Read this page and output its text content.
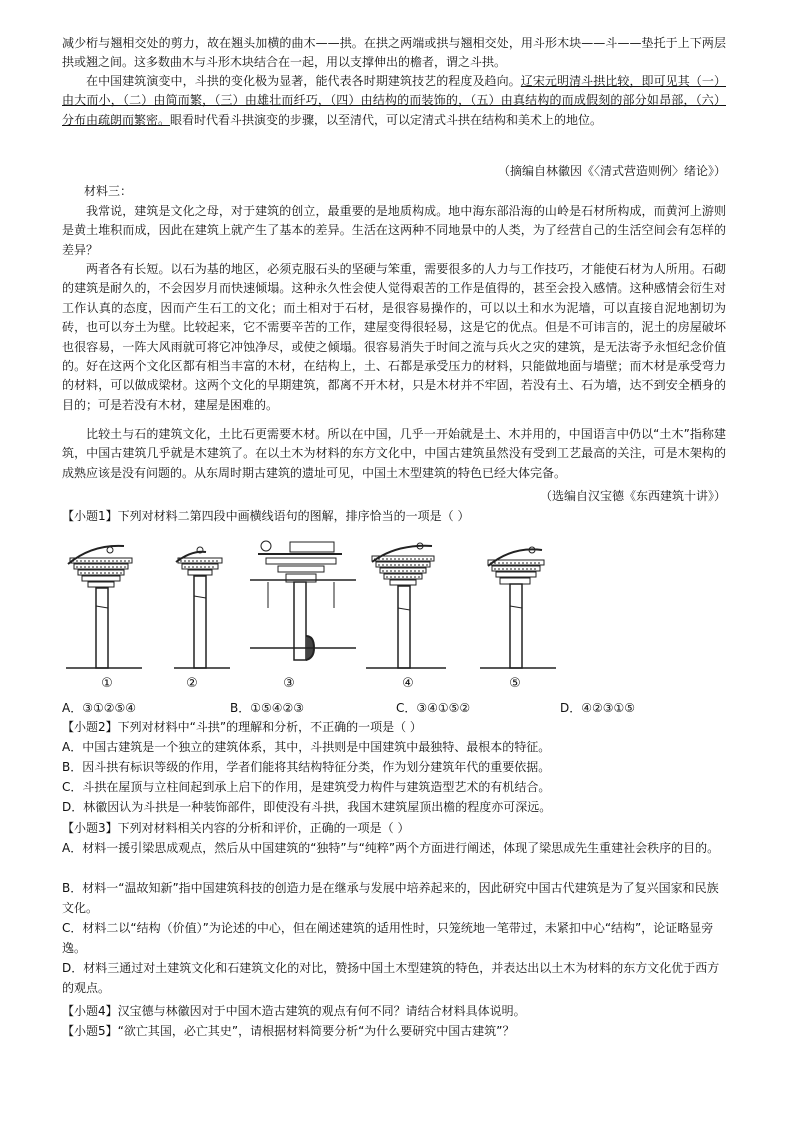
减少桁与翘相交处的剪力，故在翘头加横的曲木——拱。在拱之两端或拱与翘相交处，用斗形木块——斗——垫托于上下两层拱或翘之间。这多数曲木与斗形木块结合在一起，用以支撑伸出的檐者，谓之斗拱。
在中国建筑演变中，斗拱的变化极为显著，能代表各时期建筑技艺的程度及趋向。辽宋元明清斗拱比较，即可见其（一）由大而小，（二）由简而繁，（三）由雄壮而纤巧，（四）由结构的而装饰的，（五）由真结构的而成假刻的部分如昂部，（六）分布由疏朗而繁密。眼看时代看斗拱演变的步骤，以至清代，可以定清式斗拱在结构和美术上的地位。
（摘编自林徽因《〈清式营造则例〉绪论》）
材料三：
我常说，建筑是文化之母，对于建筑的创立，最重要的是地质构成。地中海东部沿海的山岭是石材所构成，而黄河上游则是黄土堆积而成，因此在建筑上就产生了基本的差异。生活在这两种不同地景中的人类，为了经营自己的生活空间会有怎样的差异？
两者各有长短。以石为基的地区，必须克服石头的坚硬与笨重，需要很多的人力与工作技巧，才能使石材为人所用。石砌的建筑是耐久的，不会因岁月而快速倾塌。这种永久性会使人觉得艰苦的工作是值得的，甚至会投入感情。这种感情会衍生对工作认真的态度，因而产生石工的文化；而土相对于石材，是很容易操作的，可以以土和水为泥墙，可以直接自泥地割切为砖，也可以夯土为壁。比较起来，它不需要辛苦的工作，建屋变得很轻易，这是它的优点。但是不可讳言的，泥土的房屋破坏也很容易，一阵大风雨就可将它冲蚀净尽，或使之倾塌。很容易消失于时间之流与兵火之灾的建筑，是无法寄予永恒纪念价值的。好在这两个文化区都有相当丰富的木材，在结构上，土、石都是承受压力的材料，只能做地面与墙壁；而木材是承受弯力的材料，可以做成梁材。这两个文化的早期建筑，都离不开木材，只是木材并不牢固，若没有土、石为墙，达不到安全栖身的目的；可是若没有木材，建屋是困难的。
比较土与石的建筑文化，土比石更需要木材。所以在中国，几乎一开始就是土、木并用的，中国语言中仍以“土木”指称建筑，中国古建筑几乎就是木建筑了。在以土木为材料的东方文化中，中国古建筑虽然没有受到工艺最高的关注，可是木架构的成熟应该是没有问题的。从东周时期古建筑的遗址可见，中国土木型建筑的特色已经大体完备。
（选编自汉宝德《东西建筑十讲》）
【小题1】下列对材料二第四段中画横线语句的图解，排序恰当的一项是（ ）
①	②	③	④	⑤
A．③①②⑤④	B．①⑤④②③	C．③④①⑤②	D．④②③①⑤
【小题2】下列对材料中“斗拱”的理解和分析，不正确的一项是（ ）
A．中国古建筑是一个独立的建筑体系，其中，斗拱则是中国建筑中最独特、最根本的特征。
B．因斗拱有标识等级的作用，学者们能将其结构特征分类，作为划分建筑年代的重要依据。
C．斗拱在屋顶与立柱间起到承上启下的作用，是建筑受力构件与建筑造型艺术的有机结合。
D．林徽因认为斗拱是一种装饰部件，即使没有斗拱，我国木建筑屋顶出檐的程度亦可深远。
【小题3】下列对材料相关内容的分析和评价，正确的一项是（ ）
A．材料一援引梁思成观点，然后从中国建筑的“独特”与“纯粹”两个方面进行阐述，体现了梁思成先生重建社会秩序的目的。
B．材料一“温故知新”指中国建筑科技的创造力是在继承与发展中培养起来的，因此研究中国古代建筑是为了复兴国家和民族文化。
C．材料二以“结构（价值）”为论述的中心，但在阐述建筑的适用性时，只笼统地一笔带过，未紧扣中心“结构”，论证略显旁逸。
D．材料三通过对土建筑文化和石建筑文化的对比，赞扬中国土木型建筑的特色，并表达出以土木为材料的东方文化优于西方的观点。
【小题4】汉宝德与林徽因对于中国木造古建筑的观点有何不同？请结合材料具体说明。
【小题5】“欲亡其国，必亡其史”，请根据材料简要分析“为什么要研究中国古建筑”？
